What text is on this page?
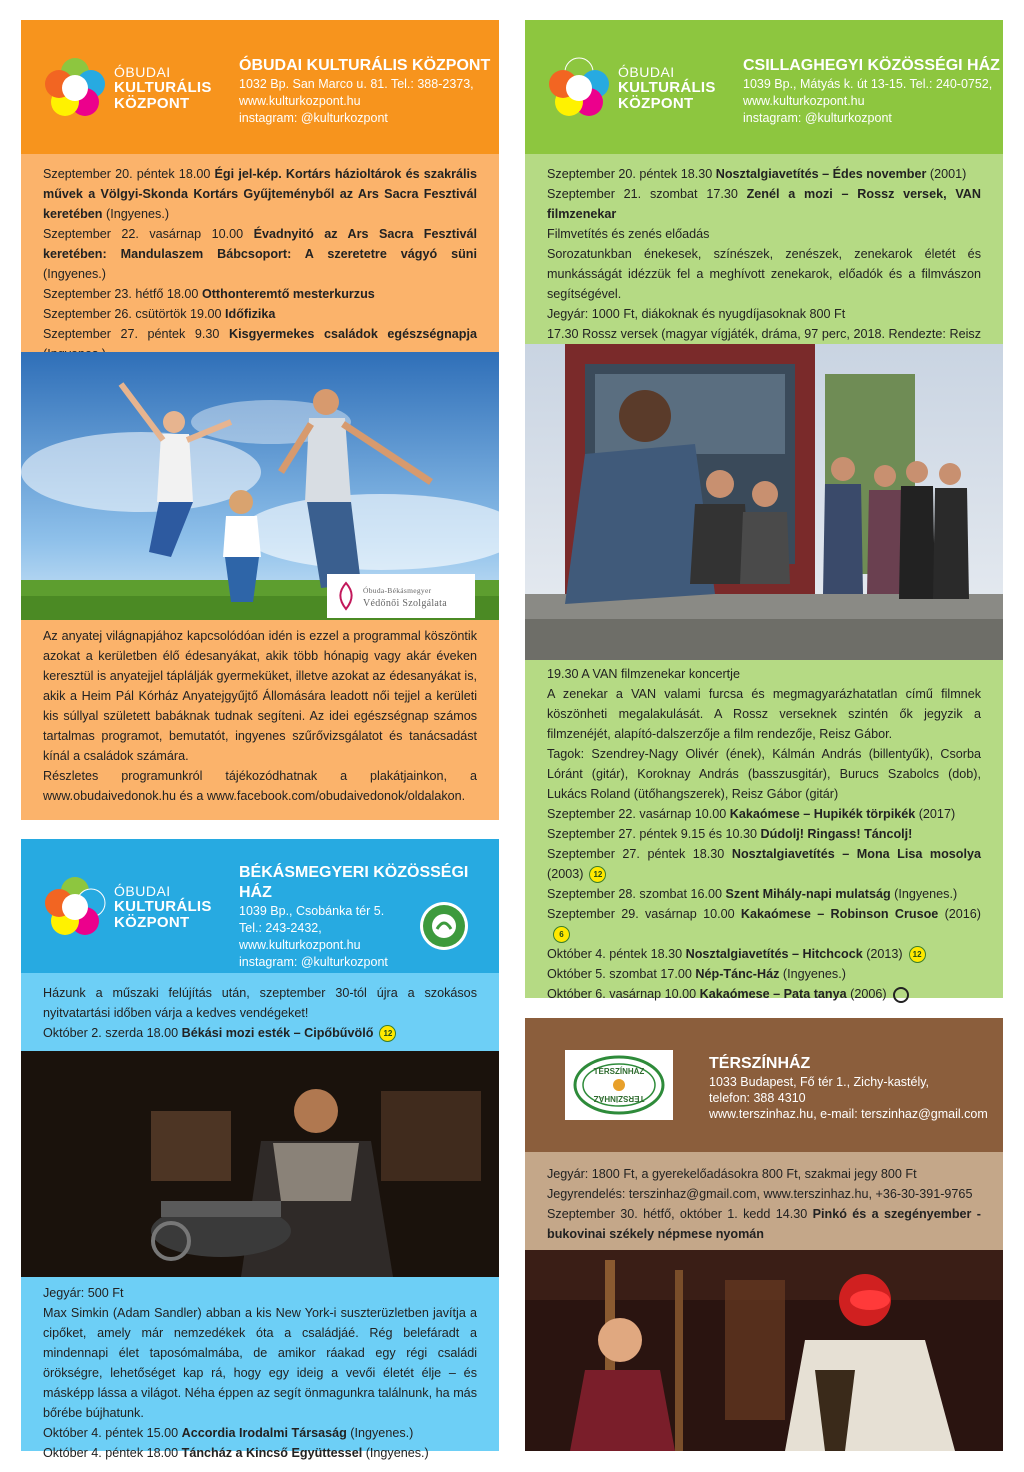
ÓBUDAI
KULTURÁLIS
KÖZPONT
ÓBUDAI KULTURÁLIS KÖZPONT
1032 Bp. San Marco u. 81. Tel.: 388-2373,
www.kulturkozpont.hu
instagram: @kulturkozpont

Szeptember 20. péntek 18.00 Égi jel-kép. Kortárs házioltárok és szakrális művek a Völgyi-Skonda Kortárs Gyűjteményből az Ars Sacra Fesztivál keretében (Ingyenes.)

Szeptember 22. vasárnap 10.00 Évadnyitó az Ars Sacra Fesztivál keretében: Mandulaszem Bábcsoport: A szeretetre vágyó süni (Ingyenes.)

Szeptember 23. hétfő 18.00 Otthonteremtő mesterkurzus

Szeptember 26. csütörtök 19.00 Időfizika

Szeptember 27. péntek 9.30 Kisgyermekes családok egészségnapja

Óbuda-Békásmegyer
Védőnői Szolgálata

Az anyatej világnapjához kapcsolódóan idén is ezzel a programmal köszöntik azokat a kerületben élő édesanyákat, akik több hónapig vagy akár éveken keresztül is anyatejjel táplálják gyermeküket, illetve azokat az édesanyákat is, akik a Heim Pál Kórház Anyatejgyűjtő Állomására leadott női tejjel a kerületi kis súllyal született babáknak tudnak segíteni. Az idei egészségnap számos tartalmas programot, bemutatót, ingyenes szűrővizsgálatot és tanácsadást kínál a családok számára.

Részletes programunkról tájékozódhatnak a plakátjainkon, a www.obudaivedonok.hu és a www.facebook.com/obudaivedonok/oldalakon.

ÓBUDAI
KULTURÁLIS
KÖZPONT
CSILLAGHEGYI KÖZÖSSÉGI HÁZ
1039 Bp., Mátyás k. út 13-15. Tel.: 240-0752,
www.kulturkozpont.hu
instagram: @kulturkozpont

Szeptember 20. péntek 18.30 Nosztalgiavetítés – Édes november (2001)

Szeptember 21. szombat 17.30 Zenél a mozi – Rossz versek, VAN filmzenekar

Filmvetítés és zenés előadás

Sorozatunkban énekesek, színészek, zenészek, zenekarok életét és munkásságát idézzük fel a meghívott zenekarok, előadók és a filmvászon segítségével.

Jegyár: 1000 Ft, diákoknak és nyugdíjasoknak 800 Ft

17.30 Rossz versek (magyar vígjáték, dráma, 97 perc, 2018. Rendezte: Reisz

19.30 A VAN filmzenekar koncertje

A zenekar a VAN valami furcsa és megmagyarázhatatlan című filmnek köszönheti megalakulását. A Rossz verseknek szintén ők jegyzik a filmzenéjét, alapító-dalszerzője a film rendezője, Reisz Gábor.

Tagok: Szendrey-Nagy Olivér (ének), Kálmán András (billentyűk), Csorba Lóránt (gitár), Koroknay András (basszusgitár), Burucs Szabolcs (dob), Lukács Roland (ütőhangszerek), Reisz Gábor (gitár)

Szeptember 22. vasárnap 10.00 Kakaómese – Hupikék törpikék (2017)

Szeptember 27. péntek 9.15 és 10.30 Dúdolj! Ringass! Táncolj!

Szeptember 27. péntek 18.30 Nosztalgiavetítés – Mona Lisa mosolya (2003) 12

Szeptember 28. szombat 16.00 Szent Mihály-napi mulatság (Ingyenes.)

Szeptember 29. vasárnap 10.00 Kakaómese – Robinson Crusoe (2016)6

Október 4. péntek 18.30 Nosztalgiavetítés – Hitchcock (2013) 12

Október 5. szombat 17.00 Nép-Tánc-Ház (Ingyenes.)

Október 6. vasárnap 10.00 Kakaómese – Pata tanya (2006)

ÓBUDAI
KULTURÁLIS
KÖZPONT
BÉKÁSMEGYERI KÖZÖSSÉGI HÁZ
1039 Bp., Csobánka tér 5.
Tel.: 243-2432,
www.kulturkozpont.hu
instagram: @kulturkozpont

Házunk a műszaki felújítás után, szeptember 30-tól újra a szokásos nyitvatartási időben várja a kedves vendégeket!

Október 2. szerda 18.00 Békási mozi esték – Cipőbűvölő 12

Jegyár: 500 Ft

Max Simkin (Adam Sandler) abban a kis New York-i suszterüzletben javítja a cipőket, amely már nemzedékek óta a családjáé. Rég belefáradt a mindennapi élet taposómalmába, de amikor ráakad egy régi családi örökségre, lehetőséget kap rá, hogy egy ideig a vevői életét élje – és másképp lássa a világot. Néha éppen az segít önmagunkra találnunk, ha más bőrébe bújhatunk.

Október 4. péntek 15.00 Accordia Irodalmi Társaság (Ingyenes.)

Október 4. péntek 18.00 Táncház a Kincső Együttessel (Ingyenes.)

TÉRSZÍNHÁZ
TÉRSZÍNHÁZ
TÉRSZÍNHÁZ
1033 Budapest, Fő tér 1., Zichy-kastély,
telefon: 388 4310
www.terszinhaz.hu, e-mail: terszinhaz@gmail.com

Jegyár: 1800 Ft, a gyerekelőadásokra 800 Ft, szakmai jegy 800 Ft

Jegyrendelés: terszinhaz@gmail.com, www.terszinhaz.hu, +36-30-391-9765

Szeptember 30. hétfő, október 1. kedd 14.30 Pinkó és a szegényember - bukovinai székely népmese nyomán
